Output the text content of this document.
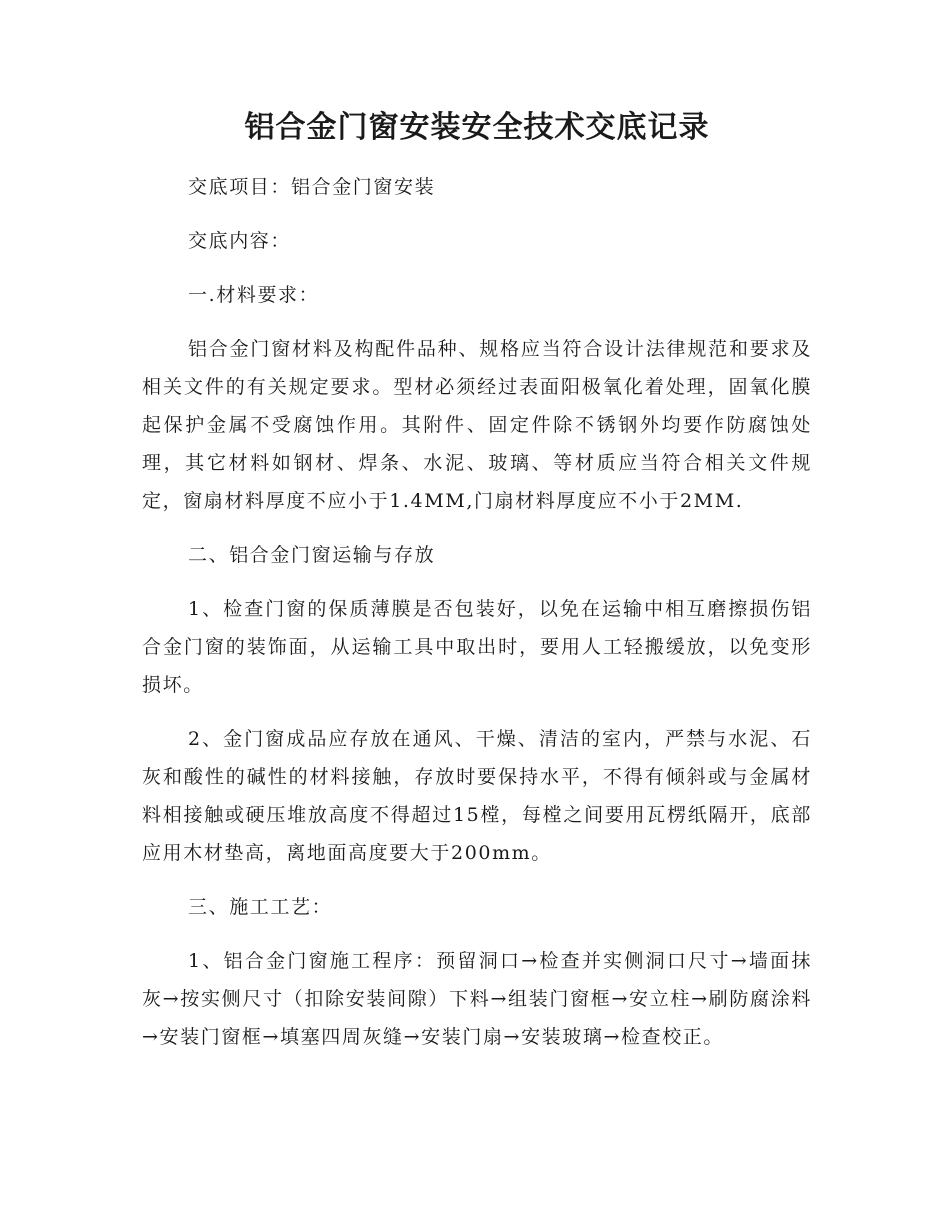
铝合金门窗安装安全技术交底记录

交底项目：铝合金门窗安装

交底内容：

一.材料要求：

铝合金门窗材料及构配件品种、规格应当符合设计法律规范和要求及相关文件的有关规定要求。型材必须经过表面阳极氧化着处理，固氧化膜起保护金属不受腐蚀作用。其附件、固定件除不锈钢外均要作防腐蚀处理，其它材料如钢材、焊条、水泥、玻璃、等材质应当符合相关文件规定，窗扇材料厚度不应小于1.4MM,门扇材料厚度应不小于2MM.

二、铝合金门窗运输与存放

1、检查门窗的保质薄膜是否包装好，以免在运输中相互磨擦损伤铝合金门窗的装饰面，从运输工具中取出时，要用人工轻搬缓放，以免变形损坏。

2、金门窗成品应存放在通风、干燥、清洁的室内，严禁与水泥、石灰和酸性的碱性的材料接触，存放时要保持水平，不得有倾斜或与金属材料相接触或硬压堆放高度不得超过15樘，每樘之间要用瓦楞纸隔开，底部应用木材垫高，离地面高度要大于200mm。

三、施工工艺：

1、铝合金门窗施工程序：预留洞口→检查并实侧洞口尺寸→墙面抹灰→按实侧尺寸（扣除安装间隙）下料→组装门窗框→安立柱→刷防腐涂料→安装门窗框→填塞四周灰缝→安装门扇→安装玻璃→检查校正。
